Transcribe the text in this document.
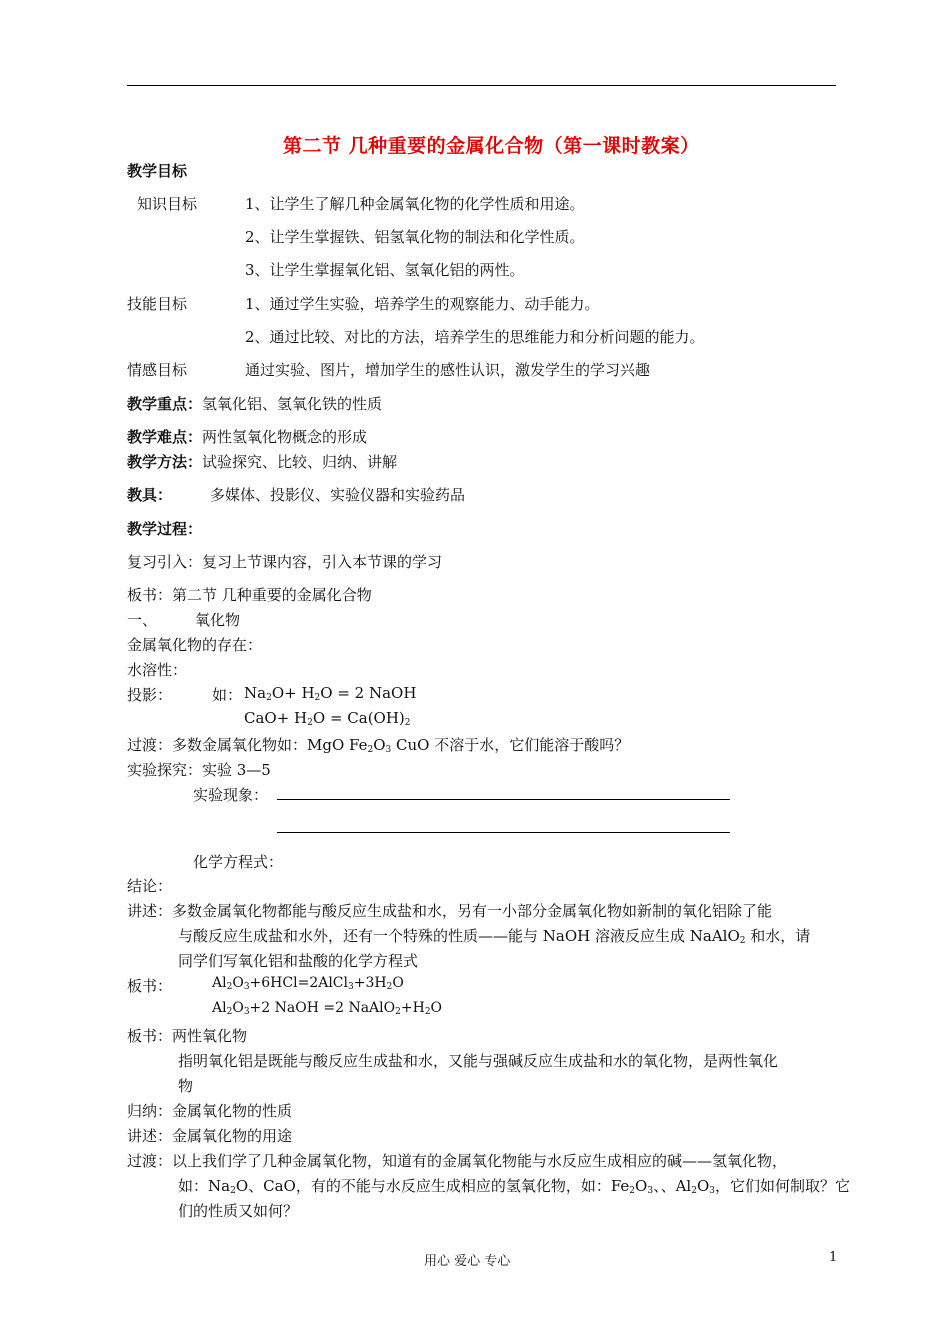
第二节 几种重要的金属化合物（第一课时教案）
教学目标
知识目标	1、让学生了解几种金属氧化物的化学性质和用途。
2、让学生掌握铁、铝氢氧化物的制法和化学性质。
3、让学生掌握氧化铝、氢氧化铝的两性。
技能目标	1、通过学生实验，培养学生的观察能力、动手能力。
2、通过比较、对比的方法，培养学生的思维能力和分析问题的能力。
情感目标	通过实验、图片，增加学生的感性认识，激发学生的学习兴趣
教学重点：氢氧化铝、氢氧化铁的性质
教学难点：两性氢氧化物概念的形成
教学方法：试验探究、比较、归纳、讲解
教具：	多媒体、投影仪、实验仪器和实验药品
教学过程：
复习引入：复习上节课内容，引入本节课的学习
板书：第二节 几种重要的金属化合物
一、	氧化物
金属氧化物的存在：
水溶性：
投影：	如： $Na_2O+ H_2O = 2$ NaOH
$CaO+ H_2O = Ca(OH)_2$
过渡：多数金属氧化物如：MgO $Fe_2O_3$ CuO 不溶于水，它们能溶于酸吗？
实验探究：实验 3—5
实验现象：
化学方程式：
结论：
讲述：多数金属氧化物都能与酸反应生成盐和水，另有一小部分金属氧化物如新制的氧化铝除了能
与酸反应生成盐和水外，还有一个特殊的性质——能与 NaOH 溶液反应生成 NaAlO$_2$ 和水，请
同学们写氧化铝和盐酸的化学方程式
板书：	$Al_2O_3+6HCl=2AlCl_3+3H_2O$
$Al_2O_3+2$ NaOH =2 $NaAlO_2+H_2O$
板书：两性氧化物
指明氧化铝是既能与酸反应生成盐和水，又能与强碱反应生成盐和水的氧化物，是两性氧化
物
归纳：金属氧化物的性质
讲述：金属氧化物的用途
过渡：以上我们学了几种金属氧化物，知道有的金属氧化物能与水反应生成相应的碱——氢氧化物，
如：$Na_2O$、CaO，有的不能与水反应生成相应的氢氧化物，如：$Fe_2O_3$、、$Al_2O_3$，它们如何制取？它
们的性质又如何？
用心 爱心 专心	1
